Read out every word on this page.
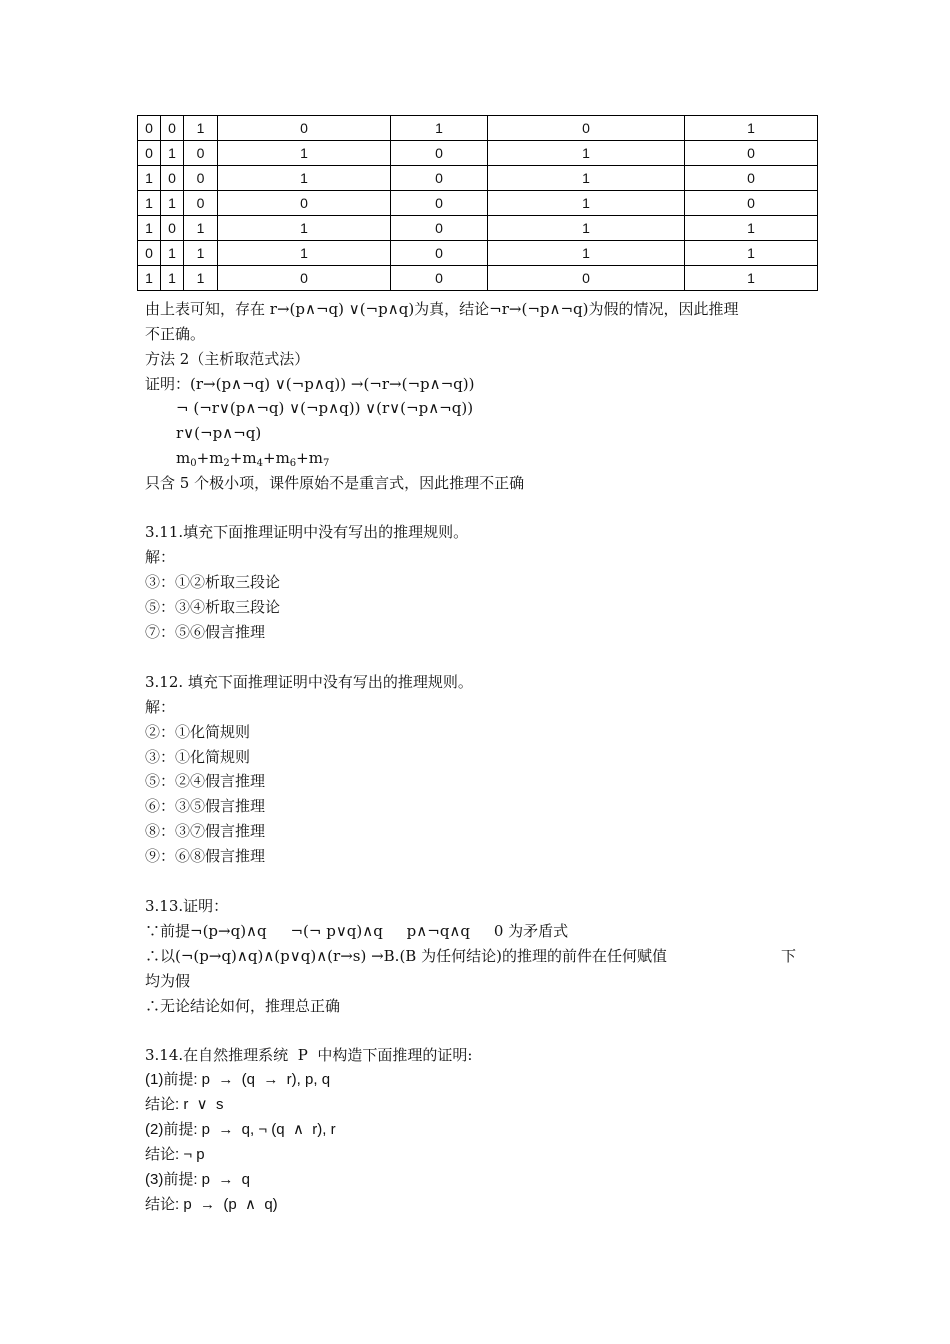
0	0	1	0	1	0	1
0	1	0	1	0	1	0
1	0	0	1	0	1	0
1	1	0	0	0	1	0
1	0	1	1	0	1	1
0	1	1	1	0	1	1
1	1	1	0	0	0	1
由上表可知，存在 r→(p∧¬q) ∨(¬p∧q)为真，结论¬r→(¬p∧¬q)为假的情况，因此推理
不正确。
方法 2（主析取范式法）
证明：(r→(p∧¬q) ∨(¬p∧q)) →(¬r→(¬p∧¬q))
¬ (¬r∨(p∧¬q) ∨(¬p∧q)) ∨(r∨(¬p∧¬q))
r∨(¬p∧¬q)
$m_0+m_2+m_4+m_6+m_7$
只含 5 个极小项，课件原始不是重言式，因此推理不正确
3.11.填充下面推理证明中没有写出的推理规则。
解：
③：①②析取三段论
⑤：③④析取三段论
⑦：⑤⑥假言推理
3.12. 填充下面推理证明中没有写出的推理规则。
解：
②：①化简规则
③：①化简规则
⑤：②④假言推理
⑥：③⑤假言推理
⑧：③⑦假言推理
⑨：⑥⑧假言推理
3.13.证明：
∵前提¬(p→q)∧q     ¬(¬ p∨q)∧q     p∧¬q∧q     0 为矛盾式
∴以(¬(p→q)∧q)∧(p∨q)∧(r→s) →B.(B 为任何结论)的推理的前件在任何赋值	下
均为假
∴无论结论如何，推理总正确
3.14.在自然推理系统  P  中构造下面推理的证明:
(1)前提: p  →  (q  →  r), p, q
结论: r  ∨  s
(2)前提: p  →  q, ¬ (q  ∧  r), r
结论: ¬ p
(3)前提: p  →  q
结论: p  →  (p  ∧  q)
